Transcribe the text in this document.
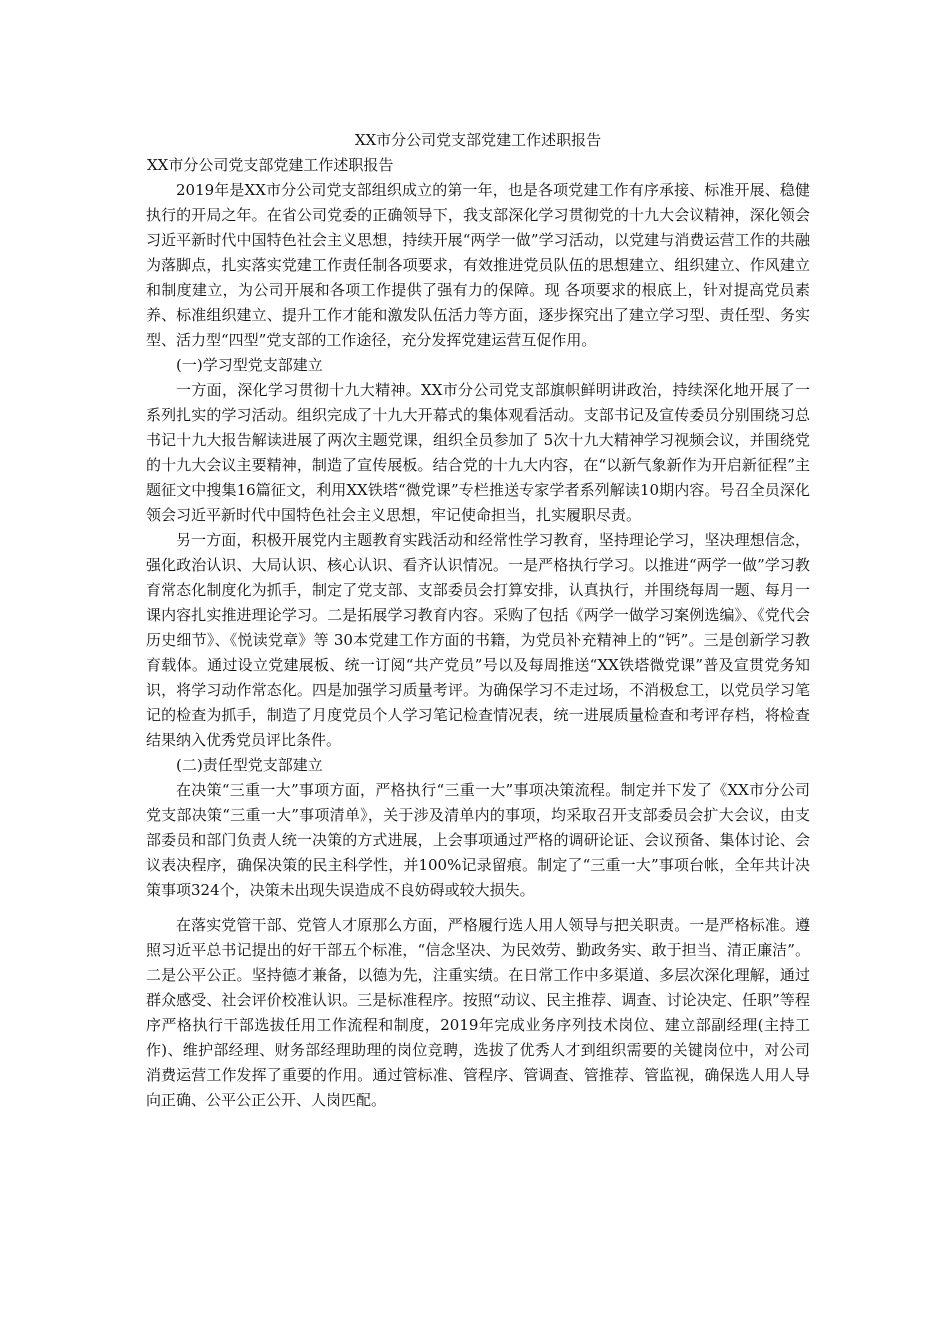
XX市分公司党支部党建工作述职报告

XX市分公司党支部党建工作述职报告

2019年是XX市分公司党支部组织成立的第一年，也是各项党建工作有序承接、标准开展、稳健执行的开局之年。在省公司党委的正确领导下，我支部深化学习贯彻党的十九大会议精神，深化领会习近平新时代中国特色社会主义思想，持续开展“两学一做”学习活动，以党建与消费运营工作的共融为落脚点，扎实落实党建工作责任制各项要求，有效推进党员队伍的思想建立、组织建立、作风建立和制度建立，为公司开展和各项工作提供了强有力的保障。现 各项要求的根底上，针对提高党员素养、标准组织建立、提升工作才能和激发队伍活力等方面，逐步探究出了建立学习型、责任型、务实型、活力型“四型”党支部的工作途径，充分发挥党建运营互促作用。

(一)学习型党支部建立

一方面，深化学习贯彻十九大精神。XX市分公司党支部旗帜鲜明讲政治，持续深化地开展了一系列扎实的学习活动。组织完成了十九大开幕式的集体观看活动。支部书记及宣传委员分别围绕习总书记十九大报告解读进展了两次主题党课，组织全员参加了 5次十九大精神学习视频会议，并围绕党的十九大会议主要精神，制造了宣传展板。结合党的十九大内容，在“以新气象新作为开启新征程”主题征文中搜集16篇征文，利用XX铁塔“微党课”专栏推送专家学者系列解读10期内容。号召全员深化领会习近平新时代中国特色社会主义思想，牢记使命担当，扎实履职尽责。

另一方面，积极开展党内主题教育实践活动和经常性学习教育，坚持理论学习，坚决理想信念，强化政治认识、大局认识、核心认识、看齐认识情况。一是严格执行学习。以推进“两学一做”学习教育常态化制度化为抓手，制定了党支部、支部委员会打算安排，认真执行，并围绕每周一题、每月一课内容扎实推进理论学习。二是拓展学习教育内容。采购了包括《两学一做学习案例选编》、《党代会历史细节》、《悦读党章》等 30本党建工作方面的书籍，为党员补充精神上的“钙”。三是创新学习教育载体。通过设立党建展板、统一订阅“共产党员”号以及每周推送“XX铁塔微党课”普及宣贯党务知识，将学习动作常态化。四是加强学习质量考评。为确保学习不走过场，不消极怠工，以党员学习笔记的检查为抓手，制造了月度党员个人学习笔记检查情况表，统一进展质量检查和考评存档，将检查结果纳入优秀党员评比条件。

(二)责任型党支部建立

在决策“三重一大”事项方面，严格执行“三重一大”事项决策流程。制定并下发了《XX市分公司党支部决策“三重一大”事项清单》，关于涉及清单内的事项，均采取召开支部委员会扩大会议，由支部委员和部门负责人统一决策的方式进展，上会事项通过严格的调研论证、会议预备、集体讨论、会议表决程序，确保决策的民主科学性，并100%记录留痕。制定了“三重一大”事项台帐，全年共计决策事项324个，决策未出现失误造成不良妨碍或较大损失。

在落实党管干部、党管人才原那么方面，严格履行选人用人领导与把关职责。一是严格标准。遵照习近平总书记提出的好干部五个标准，“信念坚决、为民效劳、勤政务实、敢于担当、清正廉洁”。 二是公平公正。坚持德才兼备，以德为先，注重实绩。在日常工作中多渠道、多层次深化理解，通过群众感受、社会评价校准认识。三是标准程序。按照“动议、民主推荐、调查、讨论决定、任职”等程序严格执行干部选拔任用工作流程和制度，2019年完成业务序列技术岗位、建立部副经理(主持工作)、维护部经理、财务部经理助理的岗位竞聘，选拔了优秀人才到组织需要的关键岗位中，对公司消费运营工作发挥了重要的作用。通过管标准、管程序、管调查、管推荐、管监视，确保选人用人导向正确、公平公正公开、人岗匹配。
